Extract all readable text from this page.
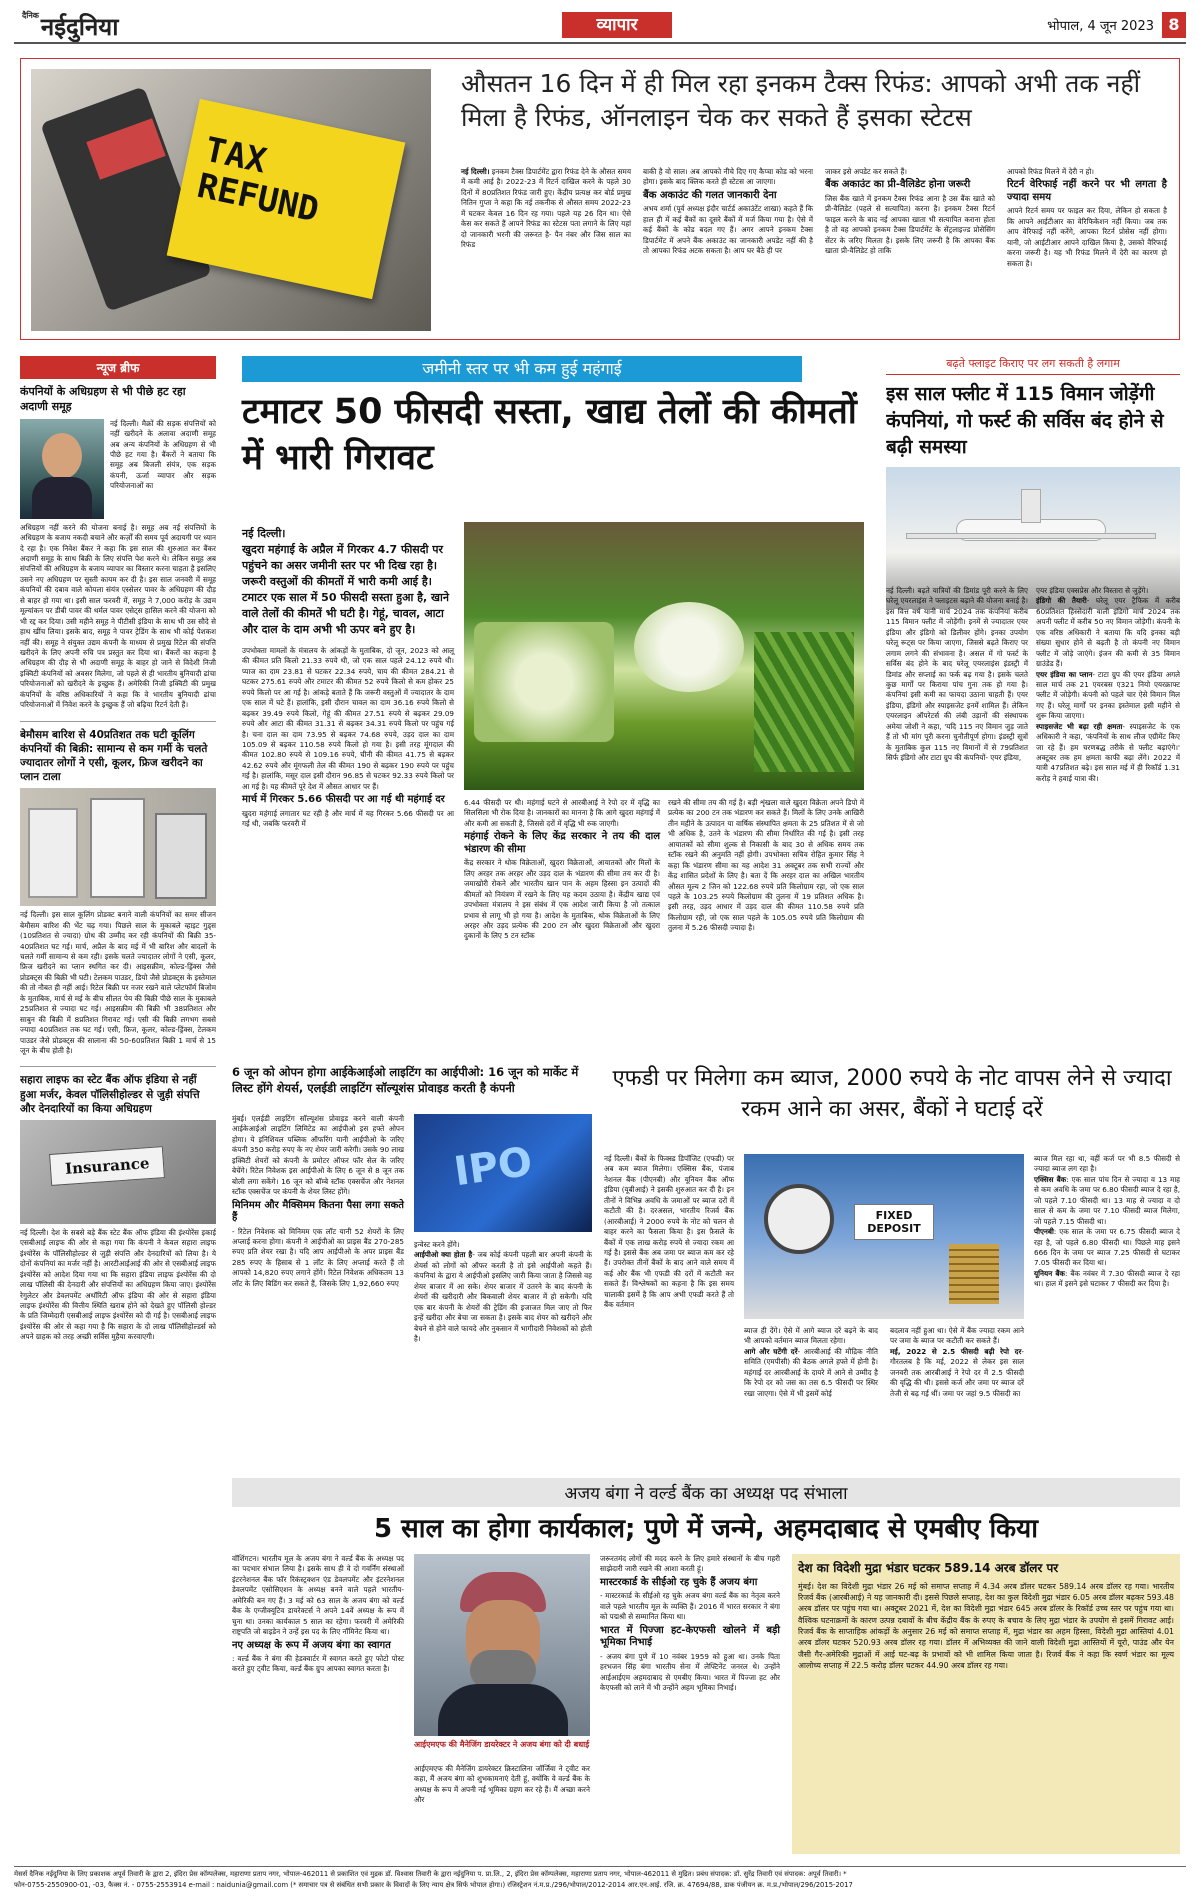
$^{दैनिक}$नईदुनिया	व्यापार	भोपाल, 4 जून 2023 8
TAX REFUND
औसतन 16 दिन में ही मिल रहा इनकम टैक्स रिफंड: आपको अभी तक नहीं मिला है रिफंड, ऑनलाइन चेक कर सकते हैं इसका स्टेटस
नई दिल्ली। इनकम टैक्स डिपार्टमेंट द्वारा रिफंड देने के औसत समय में कमी आई है। 2022-23 में रिटर्न दाखिल करने के पहले 30 दिनों में 80प्रतिशत रिफंड जारी हुए। केंद्रीय प्रत्यक्ष कर बोर्ड प्रमुख नितिन गुप्ता ने कहा कि नई तकनीक से औसत समय 2022-23 में घटकर केवल 16 दिन रह गया। पहले यह 26 दिन था। ऐसे केस कर सकते हैं आपने रिफंड का स्टेटस पता लगाने के लिए यहां दो जानकारी भरनी की जरूरत है- पैन नंबर और जिस साल का रिफंड
बाकी है वो साल। अब आपको नीचे दिए गए कैप्चा कोड को भरना होगा। इसके बाद क्लिक करते ही स्टेटस आ जाएगा।
बैंक अकाउंट की गलत जानकारी देना
अभय शर्मा (पूर्व अध्यक्ष इंदौर चार्टर्ड अकाउंटेंट शाखा) कहते हैं कि हाल ही में कई बैंकों का दूसरे बैंकों में मर्ज किया गया है। ऐसे में कई बैंकों के कोड बदल गए हैं। अगर आपने इनकम टैक्स डिपार्टमेंट में अपने बैंक अकाउंट का जानकारी अपडेट नहीं की है तो आपका रिफंड अटक सकता है। आप घर बैठे ही पर
जाकर इसे अपडेट कर सकते हैं।
बैंक अकाउंट का प्री-वैलिडेट होना जरूरी
जिस बैंक खाते में इनकम टैक्स रिफंड आना है उस बैंक खाते को प्री-वैलिडेट (पहले से सत्यापित) करना है। इनकम टैक्स रिटर्न फाइल करने के बाद नई आपका खाता भी सत्यापित कराना होता है तो वह आपको इनकम टैक्स डिपार्टमेंट के सेंट्रलाइज्ड प्रोसेसिंग सेंटर के जरिए मिलता है। इसके लिए जरूरी है कि आपका बैंक खाता प्री-वैलिडेट हो ताकि
आपको रिफंड मिलने में देरी न हो।
रिटर्न वेरिफाई नहीं करने पर भी लगता है ज्यादा समय
आपने रिटर्न समय पर फाइल कर दिया, लेकिन हो सकता है कि आपने आईटीआर का वेरिफिकेशन नहीं किया। जब तक आप वेरिफाई नहीं करेंगे, आपका रिटर्न प्रोसेस नहीं होगा। यानी, जो आईटीआर आपने दाखिल किया है, उसको वैरिफाई करना जरूरी है। यह भी रिफंड मिलने में देरी का कारण हो सकता है।
न्यूज ब्रीफ
कंपनियों के अधिग्रहण से भी पीछे हट रहा अदाणी समूह
नई दिल्ली। मैक्रों की सड़क संपत्तियों को नहीं खरीदने के अलावा अदाणी समूह अब अन्य कंपनियों के अधिग्रहण से भी पीछे हट गया है। बैंकरों ने बताया कि समूह अब बिजली संयंत्र, एक सड़क कंपनी, ऊर्जा व्यापार और सड़क परियोजनाओं का
अधिग्रहण नहीं करने की योजना बनाई है। समूह अब नई संपत्तियों के अधिग्रहण के बजाय नकदी बचाने और कर्ज़ों की समय पूर्व अदायगी पर ध्यान दे रहा है। एक निवेश बैंकर ने कहा कि इस साल की शुरुआत कर बैंकर अदाणी समूह के साथ बिक्री के लिए संपत्ति पेश करने थे। लेकिन समूह अब संपत्तियों की अधिग्रहण के बजाय व्यापार का विस्तार करना चाहता है इसलिए उसने नए अधिग्रहण पर सुस्ती कायम कर दी है। इस साल जनवरी में समूह कंपनियों की दबाव वाले कोयला संयंत्र एस्सेलर पावर के अधिग्रहण की दौड़ से बाहर हो गया था। इसी साल फरवरी में, समूह ने 7,000 करोड़ के उद्यम मूल्यांकन पर डीबी पावर की थर्मल पावर एसेट्स हासिल करने की योजना को भी रद्द कर दिया। उसी महीने समूह ने पीटीसी इंडिया के साथ भी उस सौदे से हाथ खींच लिया। इसके बाद, समूह ने पावर ट्रेडिंग के साथ भी कोई पेशकश नहीं की। समूह ने संयुक्त उद्यम कंपनी के माध्यम से प्रमुख रिटेल की संपत्ति खरीदने के लिए अपनी रुचि पत्र प्रस्तुत कर दिया था। बैंकरों का कहना है अधिग्रहण की दौड़ से भी अदाणी समूह के बाहर हो जाने से विदेशी निजी इक्विटी कंपनियों को अवसर मिलेगा, जो पहले से ही भारतीय बुनियादी ढांचा परियोजनाओं को खरीदने के इच्छुक हैं। अमेरिकी निजी इक्विटी की प्रमुख कंपनियों के वरिष्ठ अधिकारियों ने कहा कि वे भारतीय बुनियादी ढांचा परियोजनाओं में निवेश करने के इच्छुक हैं जो बढ़िया रिटर्न देती हैं।
बेमौसम बारिश से 40प्रतिशत तक घटी कूलिंग कंपनियों की बिक्री: सामान्य से कम गर्मी के चलते ज्यादातर लोगों ने एसी, कूलर, फ्रिज खरीदने का प्लान टाला
नई दिल्ली। इस साल कूलिंग प्रोडक्ट बनाने वाली कंपनियों का समर सीजन बेमौसम बारिश की भेंट चढ़ गया। पिछले साल के मुकाबले व्हाइट गुड्स (10प्रतिशत से ज्यादा) ग्रोथ की उम्मीद कर रही कंपनियों की बिक्री 35-40प्रतिशत घट गई। मार्च, अप्रैल के बाद मई में भी बारिश और बादलों के चलते गर्मी सामान्य से कम रही। इसके चलते ज्यादातर लोगों ने एसी, कूलर, फ्रिज खरीदने का प्लान स्थगित कर दी। आइसक्रीम, कोल्ड-ड्रिंक्स जैसे प्रोडक्ट्स की बिक्री भी घटी। टेलकम पाउडर, डियो जैसे प्रोडक्ट्स के इस्तेमाल की तो नौबत ही नहीं आई। रिटेल बिक्री पर नजर रखने वाले प्लेटफॉर्म बिजोम के मुताबिक, मार्च से मई के बीच सीलत पेय की बिक्री पीछे साल के मुकाबले 25प्रतिशत से ज्यादा घट गई। आइसक्रीम की बिक्री भी 38प्रतिशत और साबुन की बिक्री में 8प्रतिशत गिरावट गई। एसी की बिक्री लगभग सबसे ज्यादा 40प्रतिशत तक घट गई। एसी, फ्रिज, कूलर, कोल्ड-ड्रिंक्स, टेलकम पाउडर जैसे प्रोडक्ट्स की सालाना की 50-60प्रतिशत बिक्री 1 मार्च से 15 जून के बीच होती है।
सहारा लाइफ का स्टेट बैंक ऑफ इंडिया से नहीं हुआ मर्जर, केवल पॉलिसीहोल्डर से जुड़ी संपत्ति और देनदारियों का किया अधिग्रहण
Insurance
नई दिल्ली। देश के सबसे बड़े बैंक स्टेट बैंक ऑफ इंडिया की इंश्योरेंस इकाई एसबीआई लाइफ की ओर से कहा गया कि कंपनी ने केवल सहारा लाइफ इंश्योरेंस के पॉलिसीहोल्डर से जुड़ी संपत्ति और देनदारियों को लिया है। ये दोनों कंपनियां का मर्जर नहीं है। आरटीआईआई की ओर से एसबीआई लाइफ इंश्योरेंस को आदेश दिया गया था कि सहारा इंडिया लाइफ इंश्योरेंस की दो लाख पॉलिसी की देनदारी और संपत्तियों का अधिग्रहण किया जाए। इंश्योरेंस रेगुलेटर और डेवलपमेंट अथॉरिटी ऑफ इंडिया की ओर से सहारा इंडिया लाइफ इंश्योरेंस की वित्तीय स्थिति खराब होने को देखते हुए पॉलिसी होल्डर के प्रति जिम्मेदारी एसबीआई लाइफ इंश्योरेंस को दी गई है। एसबीआई लाइफ इंश्योरेंस की ओर से कहा गया है कि सहारा के दो लाख पॉलिसीहोल्डर्स को अपने ग्राहक को तरह अच्छी सर्विस मुहैया करवाएगी।
जमीनी स्तर पर भी कम हुई महंगाई
टमाटर 50 फीसदी सस्ता, खाद्य तेलों की कीमतों में भारी गिरावट
नई दिल्ली।
खुदरा महंगाई के अप्रैल में गिरकर 4.7 फीसदी पर पहुंचने का असर जमीनी स्तर पर भी दिख रहा है। जरूरी वस्तुओं की कीमतों में भारी कमी आई है। टमाटर एक साल में 50 फीसदी सस्ता हुआ है, खाने वाले तेलों की कीमतें भी घटी है। गेहूं, चावल, आटा और दाल के दाम अभी भी ऊपर बने हुए है।
उपभोक्ता मामलों के मंत्रालय के आंकड़ों के मुताबिक, दो जून, 2023 को आलू की कीमत प्रति किलो 21.33 रुपये थी, जो एक साल पहले 24.12 रुपये थी। प्याज का दाम 23.81 से घटकर 22.34 रुपये, चाय की कीमत 284.21 से घटकर 275.61 रुपये और टमाटर की कीमत 52 रुपये किलो से कम होकर 25 रुपये किलो पर आ गई है। आंकड़े बताते हैं कि जरूरी वस्तुओं में ज्यादातर के दाम एक साल में घटे हैं। हालांकि, इसी दौरान चावल का दाम 36.16 रुपये किलो से बढ़कर 39.49 रुपये किलो, गेहूं की कीमत 27.51 रुपये से बढ़कर 29.09 रुपये और आटा की कीमत 31.31 से बढ़कर 34.31 रुपये किलो पर पहुंच गई है। चना दाल का दाम 73.95 से बढ़कर 74.68 रुपये, उड़द दाल का दाम 105.09 से बढ़कर 110.58 रुपये किलो हो गया है। इसी तरह मूंगदाल की कीमत 102.80 रुपये से 109.16 रुपये, चीनी की कीमत 41.75 से बढ़कर 42.62 रुपये और मूंगफली तेल की कीमत 190 से बढ़कर 190 रुपये पर पहुंच गई है। हालांकि, मसूर दाल इसी दौरान 96.85 से घटकर 92.33 रुपये किलो पर आ गई है। यह कीमतें पूरे देश में औसत आधार पर हैं।
मार्च में गिरकर 5.66 फीसदी पर आ गई थी महंगाई दर
खुदरा महंगाई लगातार घट रही है और मार्च में यह गिरकर 5.66 फीसदी पर आ गई थी, जबकि फरवरी में
6.44 फीसदी पर थी। महंगाई घटने से आरबीआई ने रेपो दर में वृद्धि का सिलसिला भी रोक दिया है। जानकारों का मानना है कि आगे खुदरा महंगाई में और कमी आ सकती है, जिससे दरों में वृद्धि भी रुक जाएगी।
महंगाई रोकने के लिए केंद्र सरकार ने तय की दाल भंडारण की सीमा
केंद्र सरकार ने थोक विक्रेताओं, खुदरा विक्रेताओं, आयातकों और मिलों के लिए अरहर तक अरहर और उड़द दाल के भंडारण की सीमा तय कर दी है। जमाखोरी रोकने और भारतीय खान पान के अहम हिस्सा इन उत्पादों की कीमतों को नियंत्रण में रखने के लिए यह कदम उठाया है। केंद्रीय खाद्य एवं उपभोक्ता मंत्रालय ने इस संबंध में एक आदेश जारी किया है जो तत्काल प्रभाव से लागू भी हो गया है। आदेश के मुताबिक, थोक विक्रेताओं के लिए अरहर और उड़द प्रत्येक की 200 टन और खुदरा विक्रेताओं और खुदरा दुकानों के लिए 5 टन स्टॉक
रखने की सीमा तय की गई है। बड़ी शृंखला वाले खुदरा विक्रेता अपने डिपो में प्रत्येक का 200 टन तक भंडारण कर सकते हैं। मिलों के लिए उनके आखिरी तीन महीने के उत्पादन या वार्षिक संस्थापित क्षमता के 25 प्रतिशत में से जो भी अधिक है, उतने के भंडारण की सीमा निर्धारित की गई है। इसी तरह आयातकों को सीमा शुल्क से निकासी के बाद 30 से अधिक समय तक स्टॉक रखने की अनुमति नहीं होगी। उपभोक्ता सचिव रोहित कुमार सिंह ने कहा कि भंडारण सीमा का यह आदेश 31 अक्टूबर तक सभी राज्यों और केंद्र शासित प्रदेशों के लिए है। बता दें कि अरहर दाल का अखिल भारतीय औसत मूल्य 2 जिन को 122.68 रुपये प्रति किलोग्राम रहा, जो एक साल पहले के 103.25 रुपये किलोग्राम की तुलना में 19 प्रतिशत अधिक है। इसी तरह, उड़द आधार में उड़द दाल की कीमत 110.58 रुपये प्रति किलोग्राम रही, जो एक साल पहले के 105.05 रुपये प्रति किलोग्राम की तुलना में 5.26 फीसदी ज्यादा है।
बढ़ते फ्लाइट किराए पर लग सकती है लगाम
इस साल फ्लीट में 115 विमान जोड़ेंगी कंपनियां, गो फर्स्ट की सर्विस बंद होने से बढ़ी समस्या
नई दिल्ली। बढ़ते यात्रियों की डिमांड पूरी करने के लिए घरेलू एयरलाइंस ने फ्लाइटस बढ़ाने की योजना बनाई है। इस वित्त वर्ष यानी मार्च 2024 तक कंपनियां करीब 115 विमान फ्लीट में जोड़ेंगी। इनमें से ज्यादातर एयर इंडिया और इंडिगो को डिलीवर होंगे। इनका उपयोग घरेलू रूट्स पर किया जाएगा, जिससे बढ़ते किराए पर लगाम लगने की संभावना है। असल में गो फर्स्ट के सर्विस बंद होने के बाद घरेलू एयरलाइंस इंडस्ट्री में डिमांड और सप्लाई का फर्क बढ़ गया है। इसके चलते कुछ मार्गों पर किराया पांच गुना तक हो गया है। कंपनियां इसी कमी का फायदा उठाना चाहती हैं। एयर इंडिया, इंडिगो और स्पाइसजेट इनमें शामिल हैं। लेकिन एयरलाइन ऑपरेटर्स की लंबी उड़ानों की संस्थापक अमेया जोशी ने कहा, 'यदि 115 नए विमान जुड़ जाते हैं तो भी मांग पूरी करना चुनौतीपूर्ण होगा। इंडस्ट्री सूत्रों के मुताबिक कुल 115 नए विमानों में से 79प्रतिशत सिर्फ इंडिगो और टाटा ग्रुप की कंपनियों- एयर इंडिया,
एयर इंडिया एक्सप्रेस और विस्तारा से जुड़ेंगे।
इंडिगो की तैयारी- घरेलू एयर ट्रैफिक में करीब 60प्रतिशत हिस्सेदारी वाली इंडिगो मार्च 2024 तक अपनी फ्लीट में करीब 50 नए विमान जोड़ेगी। कंपनी के एक वरिष्ठ अधिकारी ने बताया कि यदि इनका बड़ी संख्या सुधार होने से बढ़ती है तो कंपनी नए विमान फ्लीट में जोड़े जाएंगे। इंजन की कमी से 35 विमान ग्राउंडेड हैं।
एयर इंडिया का प्लान- टाटा ग्रुप की एयर इंडिया अगले साल मार्च तक 21 एयरबस ए321 नियो एयरक्राफ्ट फ्लीट में जोड़ेगी। कंपनी को पहले चार ऐसे विमान मिल गए हैं। घरेलू मार्गों पर इनका इस्तेमाल इसी महीने से शुरू किया जाएगा।
स्पाइसजेट भी बढ़ा रही क्षमता- स्पाइसजेट के एक अधिकारी ने कहा, 'कंपनियों के साथ लीज एग्रीमेंट किए जा रहे हैं। हम चरणबद्ध तरीके से फ्लीट बढ़ाएंगे।' अक्टूबर तक हम क्षमता काफी बढ़ा लेंगे। 2022 में यात्री 47प्रतिशत बढ़े। इस साल मई में ही रिकॉर्ड 1.31 करोड़ ने हवाई यात्रा की।
6 जून को ओपन होगा आईकेआईओ लाइटिंग का आईपीओ: 16 जून को मार्केट में लिस्ट होंगे शेयर्स, एलईडी लाइटिंग सॉल्यूशंस प्रोवाइड करती है कंपनी
मुंबई। एलईडी लाइटिंग सॉल्यूशंस प्रोवाइड करने वाली कंपनी आईकेआईओ लाइटिंग लिमिटेड का आईपीओ इस हफ्ते ओपन होगा। ये इनिशियल पब्लिक ऑफरिंग यानी आईपीओ के जरिए कंपनी 350 करोड़ रुपए के नए शेयर जारी करेगी। उसके 90 लाख इक्विटी शेयरों को कंपनी के प्रमोटर ऑफर फॉर सेल के जरिए बेचेंगे। रिटेल निवेशक इस आईपीओ के लिए 6 जून से 8 जून तक बोली लगा सकेंगे। 16 जून को बॉम्बे स्टॉक एक्सचेंज और नेशनल स्टॉक एक्सचेंज पर कंपनी के शेयर लिस्ट होंगे।
मिनिमम और मैक्सिमम कितना पैसा लगा सकते हैं
- रिटेल निवेशक को मिनिमम एक लॉट यानी 52 शेयरों के लिए अप्लाई करना होगा। कंपनी ने आईपीओ का प्राइस बैंड 270-285 रुपए प्रति शेयर रखा है। यदि आप आईपीओ के अपर प्राइस बैंड 285 रुपए के हिसाब से 1 लॉट के लिए अप्लाई करते हैं तो आपको 14,820 रुपए लगाने होंगे। रिटेल निवेशक अधिकतम 13 लॉट के लिए बिडिंग कर सकते हैं, जिसके लिए 1,92,660 रुपए
IPO
इन्वेस्ट करने होंगे।
आईपीओ क्या होता है- जब कोई कंपनी पहली बार अपनी कंपनी के शेयर्स को लोगों को ऑफर करती है तो इसे आईपीओ कहते हैं। कंपनियां के द्वारा ये आईपीओ इसलिए जारी किया जाता है जिससे वह शेयर बाजार में आ सके। शेयर बाजार में उतरने के बाद कंपनी के शेयरों की खरीदारी और बिकवाली शेयर बाजार में हो सकेगी। यदि एक बार कंपनी के शेयरों की ट्रेडिंग की इजाजत मिल जाए तो फिर इन्हें खरीदा और बेचा जा सकता है। इसके बाद शेयर को खरीदने और बेचने से होने वाले फायदे और नुकसान में भागीदारी निवेशकों को होती है।
एफडी पर मिलेगा कम ब्याज, 2000 रुपये के नोट वापस लेने से ज्यादा रकम आने का असर, बैंकों ने घटाई दरें
नई दिल्ली। बैंकों के फिक्स्ड डिपॉजिट (एफडी) पर अब कम ब्याज मिलेगा। एक्सिस बैंक, पंजाब नेशनल बैंक (पीएनबी) और यूनियन बैंक ऑफ इंडिया (यूबीआई) ने इसकी शुरुआत कर दी है। इन तीनों ने विभिन्न अवधि के जमाओं पर ब्याज दरों में कटौती की है। दरअसल, भारतीय रिजर्व बैंक (आरबीआई) ने 2000 रुपये के नोट को चलन से बाहर करने का फैसला किया है। इस फ़ैसले के बैंकों में एक लाख करोड़ रुपये से ज्यादा रकम आ गई है। इससे बैंक अब जमा पर ब्याज कम कर रहे हैं। उपरोक्त तीनों बैंकों के बाद आने वाले समय में कई और बैंक भी एफडी की दरों में कटौती कर सकते हैं। विश्लेषकों का कहना है कि इस समय चालाकी इसमें है कि आप अभी एफडी करते हैं तो बैंक वर्तमान
FIXED DEPOSIT
ब्याज ही देंगे। ऐसे में आगे ब्याज दरें बढ़ने के बाद भी आपको वर्तमान ब्याज मिलता रहेगा।
आगे और घटेंगी दरें- आरबीआई की मौद्रिक नीति समिति (एमपीसी) की बैठक अगले हफ्ते में होनी है। महंगाई दर आरबीआई के दायरे में आने से उम्मीद है कि रेपो दर को जस का तस 6.5 फीसदी पर स्थिर रखा जाएगा। ऐसे में भी इसमें कोई
बदलाव नहीं हुआ था। ऐसे में बैंक ज्यादा रकम आने पर जमा के ब्याज पर कटौती कर सकते हैं।
मई, 2022 से 2.5 फीसदी बढ़ी रेपो दर- गौरतलब है कि मई, 2022 से लेकर इस साल जनवरी तक आरबीआई ने रेपो दर में 2.5 फीसदी की वृद्धि की थी। इससे कर्ज और जमा पर ब्याज दरें तेजी से बढ़ गई थीं। जमा पर जहां 9.5 फीसदी का
ब्याज मिल रहा था, वहीं कर्ज पर भी 8.5 फीसदी से ज्यादा ब्याज लग रहा है।
एक्सिस बैंक: एक साल पांच दिन से ज्यादा व 13 माह से कम अवधि के जमा पर 6.80 फीसदी ब्याज दे रहा है, जो पहले 7.10 फीसदी था। 13 माह से ज्यादा व दो साल से कम के जमा पर 7.10 फीसदी ब्याज मिलेगा, जो पहले 7.15 फीसदी था।
पीएनबी: एक साल के जमा पर 6.75 फीसदी ब्याज दे रहा है, जो पहले 6.80 फीसदी था। पिछले माह इसने 666 दिन के जमा पर ब्याज 7.25 फीसदी से घटाकर 7.05 फीसदी कर दिया था।
यूनियन बैंक: बैंक नवंबर में 7.30 फीसदी ब्याज दे रहा था। हाल में इसने इसे घटाकर 7 फीसदी कर दिया है।
अजय बंगा ने वर्ल्ड बैंक का अध्यक्ष पद संभाला
5 साल का होगा कार्यकाल; पुणे में जन्मे, अहमदाबाद से एमबीए किया
वॉशिंगटन। भारतीय मूल के अजय बंगा ने वर्ल्ड बैंक के अध्यक्ष पद का पदभार संभाल लिया है। इसके साथ ही वे दो गवर्निंग संस्थाओं इंटरनेशनल बैंक फॉर रिकंस्ट्रक्शन एंड डेवलपमेंट और इंटरनेशनल डेवलपमेंट एसोसिएशन के अध्यक्ष बनने वाले पहले भारतीय-अमेरिकी बन गए हैं। 3 मई को 63 साल के अजय बंगा को वर्ल्ड बैंक के एग्जीक्यूटिव डायरेक्टर्स ने अपने 14वें अध्यक्ष के रूप में चुना था। उनका कार्यकाल 5 साल का रहेगा। फरवरी में अमेरिकी राष्ट्रपति जो बाइडेन ने उन्हें इस पद के लिए नॉमिनेट किया था।
नए अध्यक्ष के रूप में अजय बंगा का स्वागत
: वर्ल्ड बैंक ने बंगा की हेडक्वार्टर में स्वागत करते हुए फोटो पोस्ट करते हुए ट्वीट किया, वर्ल्ड बैंक ग्रुप आपका स्वागत करता है।
आईएमएफ की मैनेजिंग डायरेक्टर ने अजय बंगा को दी बधाई
आईएमएफ की मैनेजिंग डायरेक्टर क्रिस्टालिना जॉर्जिवा ने ट्वीट कर कहा, मैं अजय बंगा को शुभकामनाएं देती हूं, क्योंकि वे वर्ल्ड बैंक के अध्यक्ष के रूप में अपनी नई भूमिका ग्रहण कर रहे हैं। मैं अच्छा करने और
जरूरतमंद लोगों की मदद करने के लिए हमारे संस्थानों के बीच गहरी साझेदारी जारी रखने की आशा करती हूं।
मास्टरकार्ड के सीईओ रह चुके हैं अजय बंगा
- मास्टरकार्ड के सीईओ रह चुके अजय बंगा वर्ल्ड बैंक का नेतृत्व करने वाले पहले भारतीय मूल के व्यक्ति हैं। 2016 में भारत सरकार ने बंगा को पद्मश्री से सम्मानित किया था।
भारत में पिज्जा हट-केएफसी खोलने में बड़ी भूमिका निभाई
- अजय बंगा पुणे में 10 नवंबर 1959 को हुआ था। उनके पिता हरभजन सिंह बंगा भारतीय सेना में लेफ्टिनेंट जनरल थे। उन्होंने आईआईएम अहमदाबाद से एमबीए किया। भारत में पिज्जा हट और केएफसी को लाने में भी उन्होंने अहम भूमिका निभाई।
देश का विदेशी मुद्रा भंडार घटकर 589.14 अरब डॉलर पर
मुंबई। देश का विदेशी मुद्रा भंडार 26 मई को समाप्त सप्ताह में 4.34 अरब डॉलर घटकर 589.14 अरब डॉलर रह गया। भारतीय रिजर्व बैंक (आरबीआई) ने यह जानकारी दी। इससे पिछले सप्ताह, देश का कुल विदेशी मुद्रा भंडार 6.05 अरब डॉलर बढ़कर 593.48 अरब डॉलर पर पहुंच गया था। अक्टूबर 2021 में, देश का विदेशी मुद्रा भंडार 645 अरब डॉलर के रिकॉर्ड उच्च स्तर पर पहुंच गया था। वैश्विक घटनाक्रमों के कारण उत्पन्न दबावों के बीच केंद्रीय बैंक के रुपए के बचाव के लिए मुद्रा भंडार के उपयोग से इसमें गिरावट आई। रिजर्व बैंक के साप्ताहिक आंकड़ों के अनुसार 26 मई को समाप्त सप्ताह में, मुद्रा भंडार का अहम हिस्सा, विदेशी मुद्रा आस्तियां 4.01 अरब डॉलर घटकर 520.93 अरब डॉलर रह गया। डॉलर में अभिव्यक्त की जाने वाली विदेशी मुद्रा आस्तियों में यूरो, पाउंड और येन जैसी गैर-अमेरिकी मुद्राओं में आई घट-बढ़ के प्रभावों को भी शामिल किया जाता है। रिजर्व बैंक ने कहा कि स्वर्ण भंडार का मूल्य आलोच्य सप्ताह में 22.5 करोड़ डॉलर घटकर 44.90 अरब डॉलर रह गया।
मेसर्स दैनिक नईदुनिया के लिए प्रकाशक अपूर्व तिवारी के द्वारा 2, इंदिरा प्रेस कॉम्पलेक्स, महाराणा प्रताप नगर, भोपाल-462011 से प्रकाशित एवं मुद्रक डॉ. विश्वास तिवारी के द्वारा नईदुनिया प. प्रा.लि., 2, इंदिरा प्रेस कॉम्पलेक्स, महाराणा प्रताप नगर, भोपाल-462011 से मुद्रित। प्रबंध संपादक: डॉ. सुरेंद्र तिवारी एवं संपादक: अपूर्व तिवारी। *
फोन-0755-2550900-01, -03, फैक्स नं. - 0755-2553914 e-mail : naidunia@gmail.com (* समाचार पत्र से संबंधित सभी प्रकार के विवादों के लिए न्याय क्षेत्र सिर्फ भोपाल होगा।) रजिस्ट्रेशन नं.म.प्र./296/भोपाल/2012-2014 आर.एन.आई. रजि. क्र. 47694/88, डाक पंजीयन क्र. म.प्र./भोपाल/296/2015-2017
